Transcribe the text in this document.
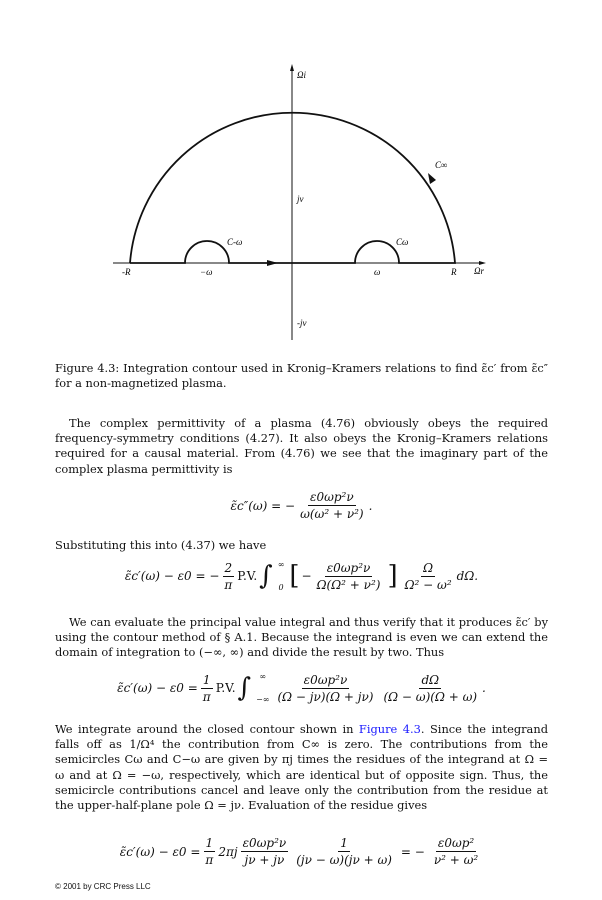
Ωi
Ωr
-R	R
−ω	ω
C∞
C-ω	Cω
jν
-jν
Figure 4.3: Integration contour used in Kronig–Kramers relations to find ε̃c′ from ε̃c″ for a non-magnetized plasma.
The complex permittivity of a plasma (4.76) obviously obeys the required frequency-symmetry conditions (4.27). It also obeys the Kronig–Kramers relations required for a causal material. From (4.76) we see that the imaginary part of the complex plasma permittivity is
ε̃c″(ω) = − $\frac{\text{ε0ωp²ν}}{\text{ω(ω² + ν²)}}$ .
Substituting this into (4.37) we have
ε̃c′(ω) − ε0 = − $\frac{2}{\pi} P.V$. ∫ ∞
0 [ − $\frac{\text{ε0ωp²ν}}{\text{Ω(Ω² + ν²)}}$ ] $\frac{\Omega}{\text{Ω² − ω²}} d\Omega$.
We can evaluate the principal value integral and thus verify that it produces ε̃c′ by using the contour method of § A.1. Because the integrand is even we can extend the domain of integration to (−∞, ∞) and divide the result by two. Thus
ε̃c′(ω) − $\varepsilon 0 = \frac{1}{\pi} P.V$. ∫ ∞
−∞ $\frac{\text{ε0ωp²ν}}{(\Omega - j\nu)(\Omega + j\nu)} \frac{d\Omega}{(\Omega - \omega)(\Omega + \omega)}$ .
We integrate around the closed contour shown in Figure 4.3. Since the integrand falls off as 1/Ω⁴ the contribution from C∞ is zero. The contributions from the semicircles Cω and C−ω are given by πj times the residues of the integrand at Ω = ω and at Ω = −ω, respectively, which are identical but of opposite sign. Thus, the semicircle contributions cancel and leave only the contribution from the residue at the upper-half-plane pole Ω = jν. Evaluation of the residue gives
ε̃c′(ω) − $\varepsilon 0 = \frac{1}{\pi} 2\pi j \frac{\text{ε0ωp²ν}}{j\nu + j\nu} \frac{1}{(j\nu - \omega)(j\nu + \omega)}$ = − $\frac{\text{ε0ωp²}}{\text{ν² + ω²}}$
© 2001 by CRC Press LLC
